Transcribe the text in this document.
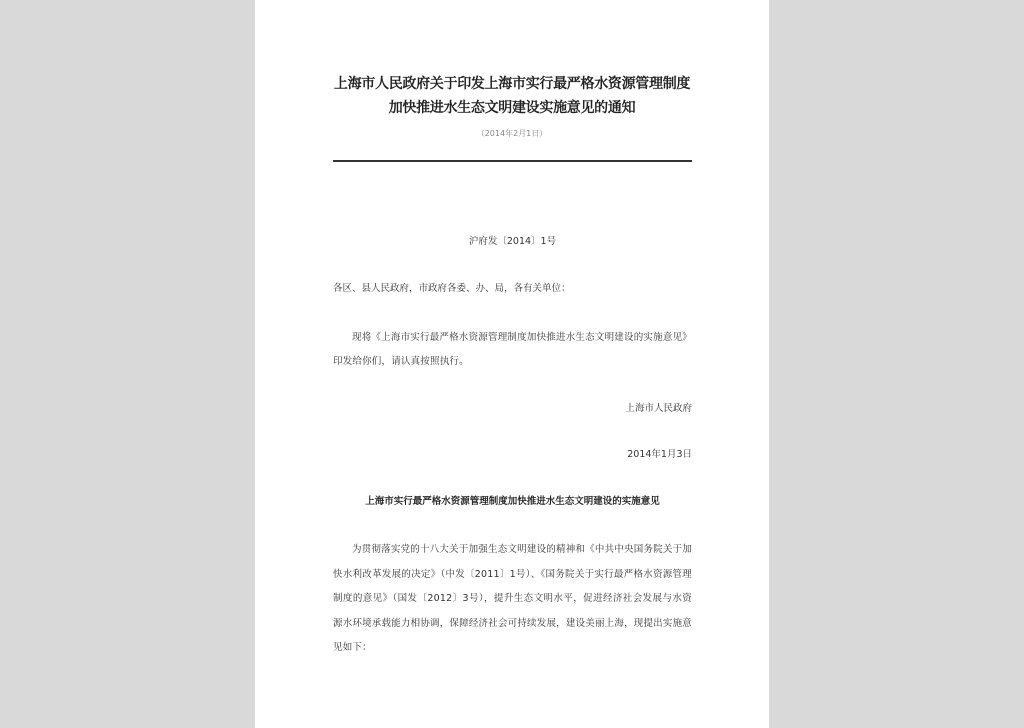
上海市人民政府关于印发上海市实行最严格水资源管理制度加快推进水生态文明建设实施意见的通知
（2014年2月1日）
沪府发〔2014〕1号
各区、县人民政府，市政府各委、办、局，各有关单位：

现将《上海市实行最严格水资源管理制度加快推进水生态文明建设的实施意见》印发给你们，请认真按照执行。

上海市人民政府
2014年1月3日
上海市实行最严格水资源管理制度加快推进水生态文明建设的实施意见

为贯彻落实党的十八大关于加强生态文明建设的精神和《中共中央国务院关于加快水利改革发展的决定》（中发〔2011〕1号）、《国务院关于实行最严格水资源管理制度的意见》（国发〔2012〕3号），提升生态文明水平，促进经济社会发展与水资源水环境承载能力相协调，保障经济社会可持续发展，建设美丽上海，现提出实施意见如下：
